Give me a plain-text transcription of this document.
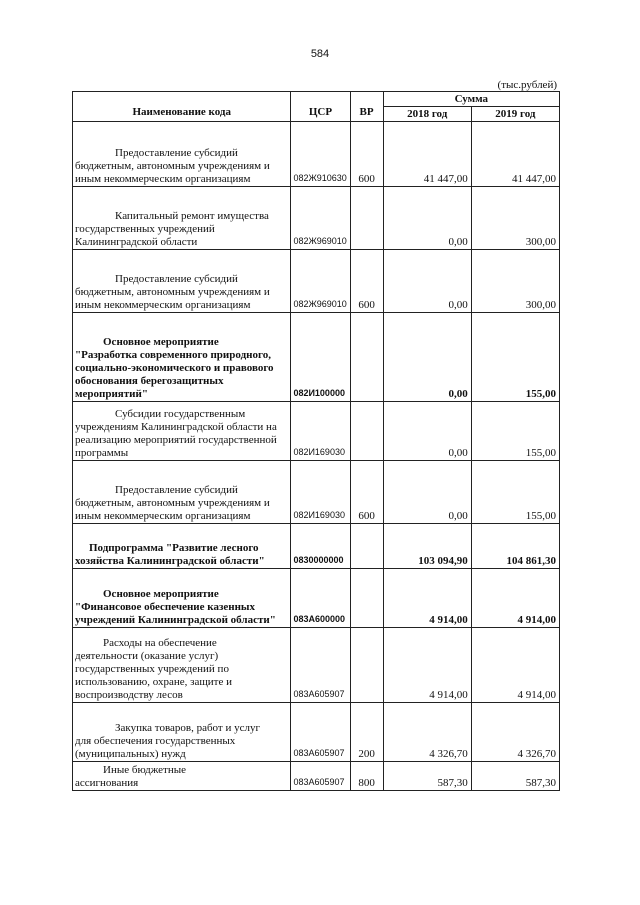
584
(тыс.рублей)
Наименование кода	ЦСР	ВР	Сумма	
			2018 год	2019 год
Предоставление субсидий
бюджетным, автономным учреждениям и иным некоммерческим организациям	082Ж910630	600	41 447,00	41 447,00
Капитальный ремонт имущества
государственных учреждений Калининградской области	082Ж969010		0,00	300,00
Предоставление субсидий
бюджетным, автономным учреждениям и иным некоммерческим организациям	082Ж969010	600	0,00	300,00
Основное мероприятие
"Разработка современного природного, социально-экономического и правового обоснования берегозащитных мероприятий"	082И100000		0,00	155,00
Субсидии государственным
учреждениям Калининградской области на реализацию мероприятий государственной программы	082И169030		0,00	155,00
Предоставление субсидий
бюджетным, автономным учреждениям и иным некоммерческим организациям	082И169030	600	0,00	155,00
Подпрограмма "Развитие лесного
хозяйства Калининградской области"	0830000000		103 094,90	104 861,30
Основное мероприятие
"Финансовое обеспечение казенных учреждений Калининградской области"	083А600000		4 914,00	4 914,00
Расходы на обеспечение
деятельности (оказание услуг) государственных учреждений по использованию, охране, защите и воспроизводству лесов	083А605907		4 914,00	4 914,00
Закупка товаров, работ и услуг
для обеспечения государственных (муниципальных) нужд	083А605907	200	4 326,70	4 326,70
Иные бюджетные
ассигнования	083А605907	800	587,30	587,30
